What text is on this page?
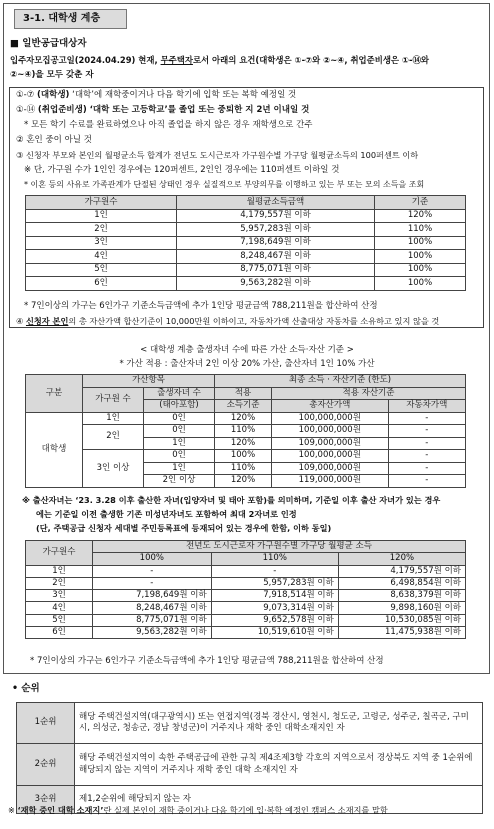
3-1. 대학생 계층
■ 일반공급대상자
입주자모집공고일(2024.04.29) 현재, 무주택자로서 아래의 요건(대학생은 ①-⑦와 ②~④, 취업준비생은 ①-⑭와
②~④)을 모두 갖춘 자
①-⑦ (대학생) ‘대학’에 재학중이거나 다음 학기에 입학 또는 복학 예정일 것
①-⑭ (취업준비생) ‘대학 또는 고등학교’를 졸업 또는 중퇴한 지 2년 이내일 것
* 모든 학기 수료를 완료하였으나 아직 졸업을 하지 않은 경우 재학생으로 간주
② 혼인 중이 아닐 것
③ 신청자 부모와 본인의 월평균소득 합계가 전년도 도시근로자 가구원수별 가구당 월평균소득의 100퍼센트 이하
※ 단, 가구원 수가 1인인 경우에는 120퍼센트, 2인인 경우에는 110퍼센트 이하일 것
* 이혼 등의 사유로 가족관계가 단절된 상태인 경우 실질적으로 부양의무를 이행하고 있는 부 또는 모의 소득을 조회
* 7인이상의 가구는 6인가구 기준소득금액에 추가 1인당 평균금액 788,211원을 합산하여 산정
④ 신청자 본인의 총 자산가액 합산기준이 10,000만원 이하이고, 자동차가액 산출대상 자동차를 소유하고 있지 않을 것
가구원수	월평균소득금액	기준
1인	4,179,557원 이하	120%
2인	5,957,283원 이하	110%
3인	7,198,649원 이하	100%
4인	8,248,467원 이하	100%
5인	8,775,071원 이하	100%
6인	9,563,282원 이하	100%
< 대학생 계층 출생자녀 수에 따른 가산 소득·자산 기준 >
* 가산 적용 : 출산자녀 2인 이상 20% 가산, 출산자녀 1인 10% 가산
구분	가산항목		최종 소득 · 자산기준 (한도)		
	가구원 수	출생자녀 수	적용	적용 자산기준	
		(태아포함)	소득기준	총자산가액	자동차가액
대학생	1인	0인	120%	100,000,000원	-
	2인	0인	110%	100,000,000원	-
		1인	120%	109,000,000원	-
	3인 이상	0인	100%	100,000,000원	-
		1인	110%	109,000,000원	-
		2인 이상	120%	119,000,000원	-
※ 출산자녀는 ‘23. 3.28 이후 출산한 자녀(입양자녀 및 태아 포함)를 의미하며, 기준일 이후 출산 자녀가 있는 경우
에는 기준일 이전 출생한 기존 미성년자녀도 포함하여 최대 2자녀로 인정
(단, 주택공급 신청자 세대별 주민등록표에 등재되어 있는 경우에 한함, 이하 동일)
가구원수	전년도 도시근로자 가구원수별 가구당 월평균 소득		
	100%	110%	120%
1인	-	-	4,179,557원 이하
2인	-	5,957,283원 이하	6,498,854원 이하
3인	7,198,649원 이하	7,918,514원 이하	8,638,379원 이하
4인	8,248,467원 이하	9,073,314원 이하	9,898,160원 이하
5인	8,775,071원 이하	9,652,578원 이하	10,530,085원 이하
6인	9,563,282원 이하	10,519,610원 이하	11,475,938원 이하
* 7인이상의 가구는 6인가구 기준소득금액에 추가 1인당 평균금액 788,211원을 합산하여 산정
• 순위
1순위	해당 주택건설지역(대구광역시) 또는 연접지역(경북 경산시, 영천시, 청도군, 고령군, 성주군, 칠곡군, 구미시, 의성군, 청송군, 경남 창녕군)이 거주지나 재학 중인 대학소재지인 자
2순위	해당 주택건설지역이 속한 주택공급에 관한 규칙 제4조제3항 각호의 지역으로서 경상북도 지역 중 1순위에 해당되지 않는 지역이 거주지나 재학 중인 대학 소재지인 자
3순위	제1,2순위에 해당되지 않는 자
※ ‘재학 중인 대학 소재지’란 실제 본인이 재학 중이거나 다음 학기에 입·복학 예정인 캠퍼스 소재지를 말함
